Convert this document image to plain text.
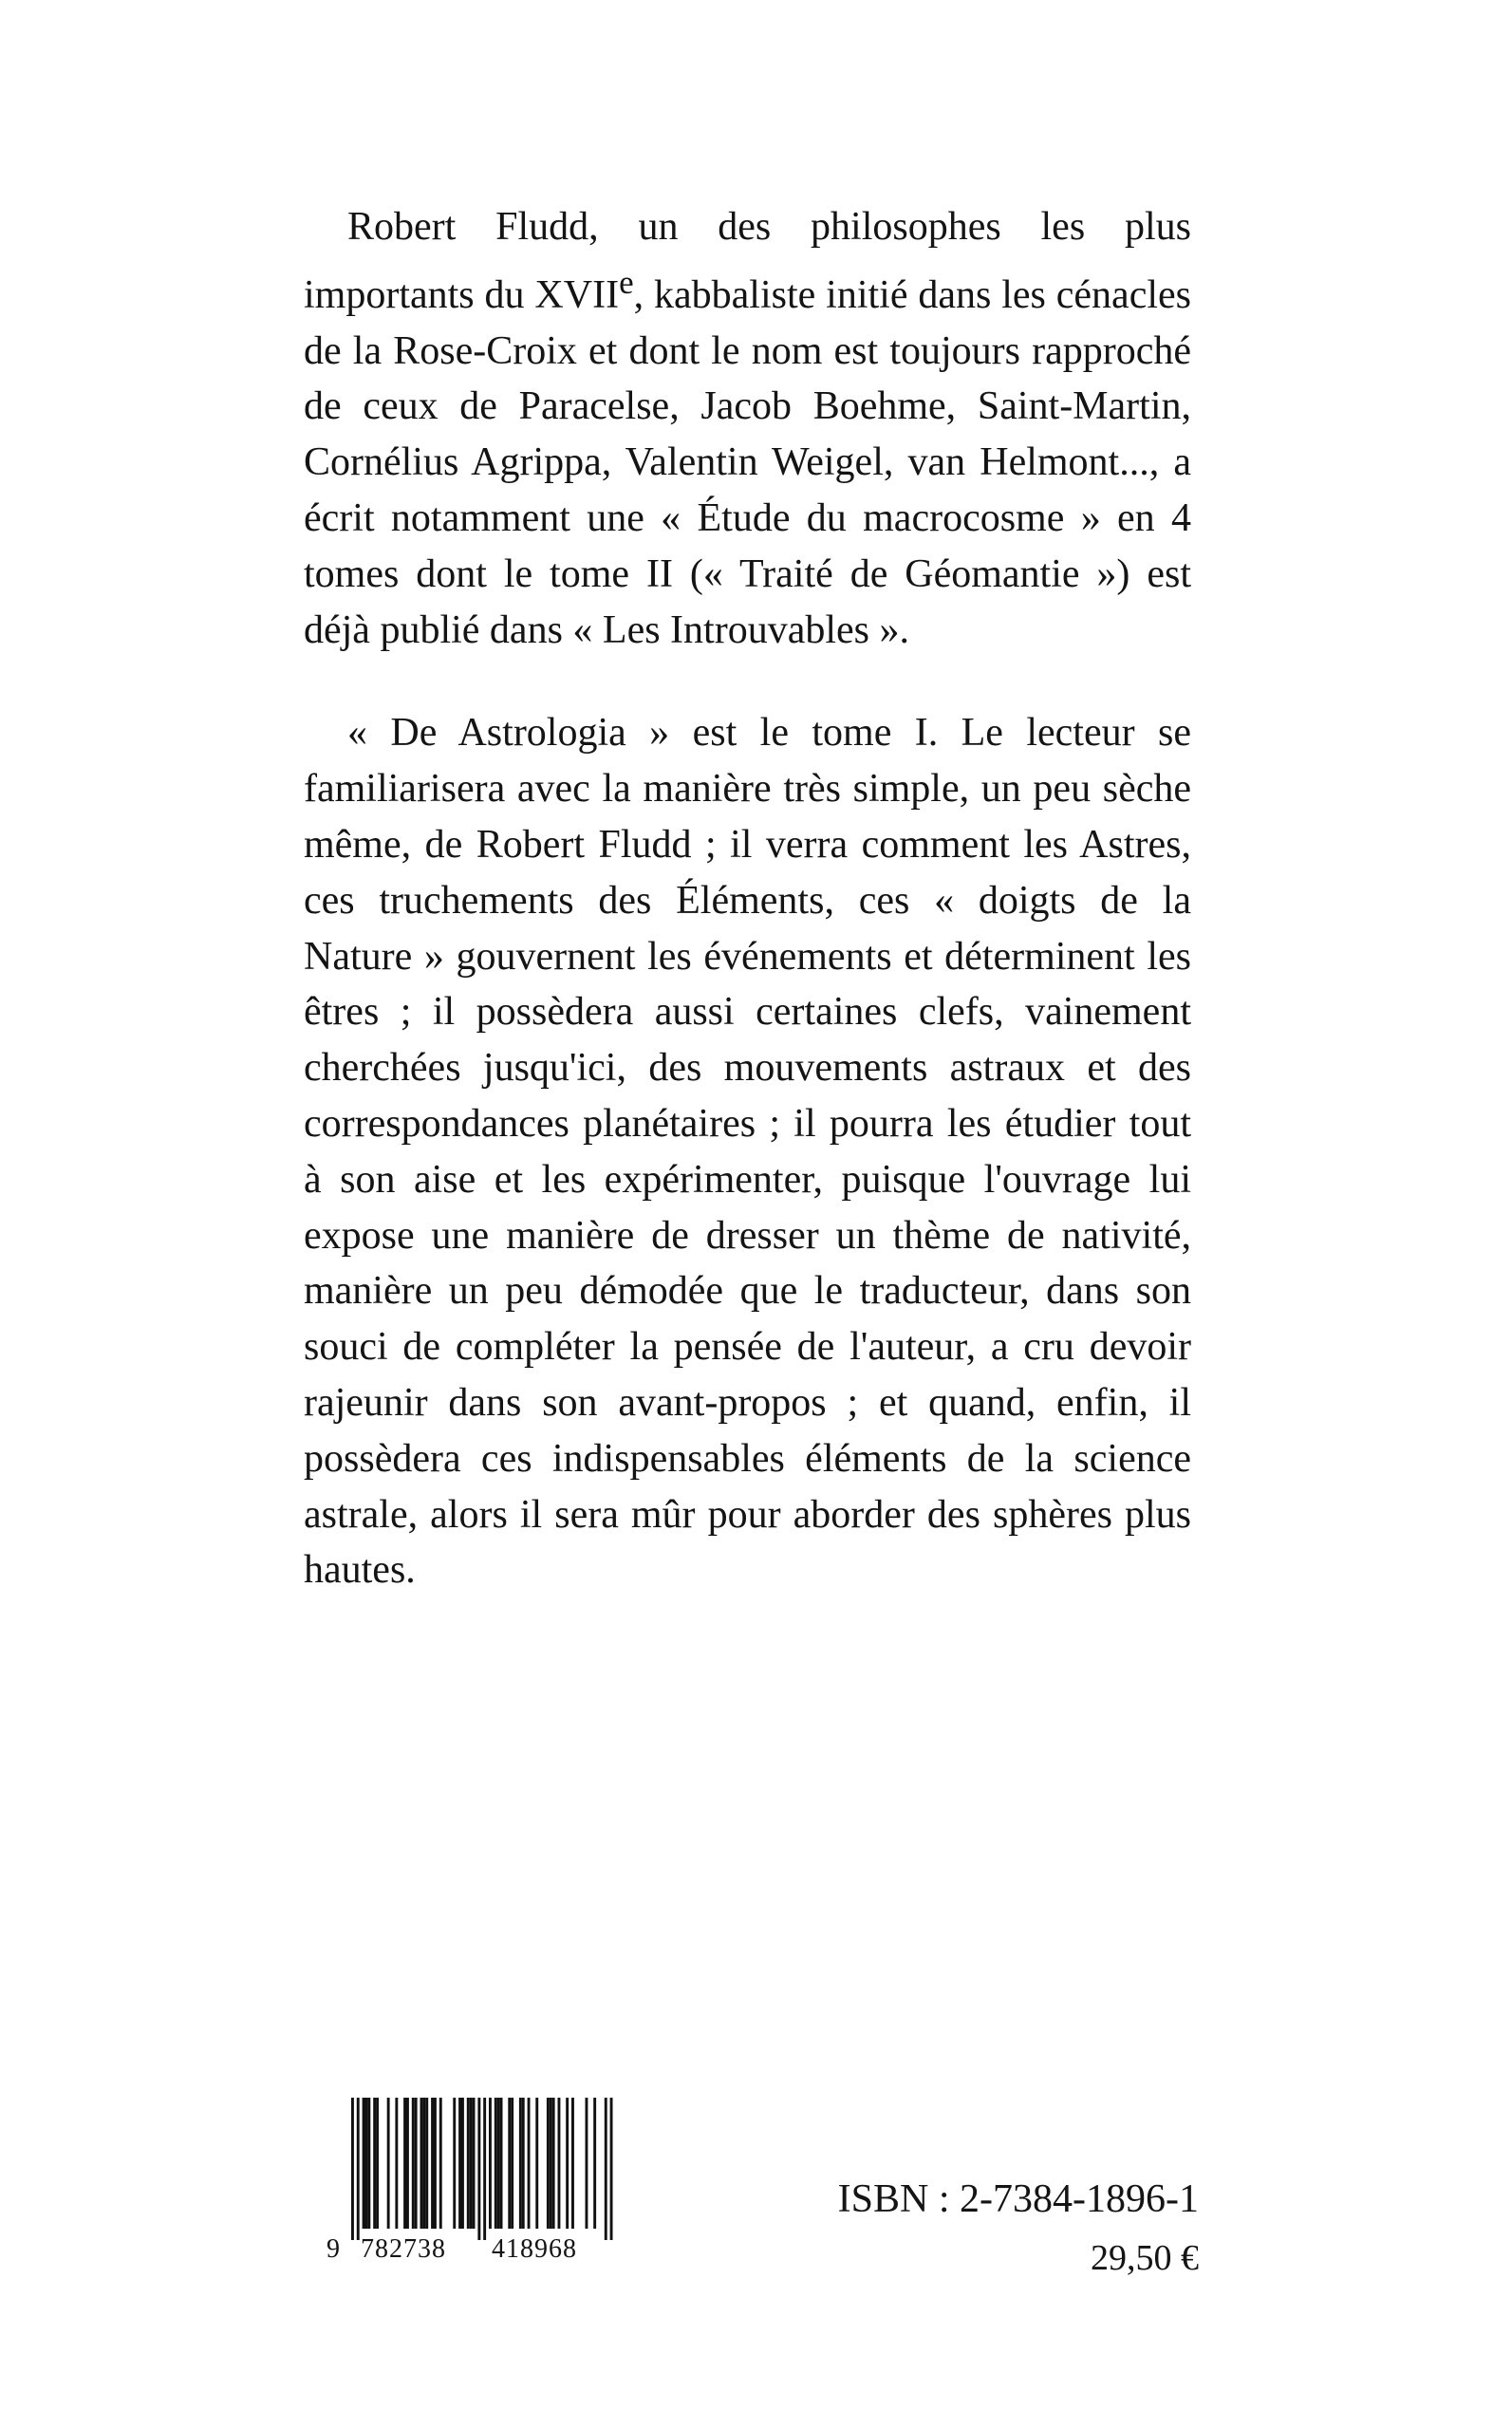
Robert Fludd, un des philosophes les plus importants du XVIIe, kabbaliste initié dans les cénacles de la Rose-Croix et dont le nom est toujours rapproché de ceux de Paracelse, Jacob Boehme, Saint-Martin, Cornélius Agrippa, Valentin Weigel, van Helmont..., a écrit notamment une « Étude du macrocosme » en 4 tomes dont le tome II (« Traité de Géomantie ») est déjà publié dans « Les Introuvables ».

« De Astrologia » est le tome I. Le lecteur se familiarisera avec la manière très simple, un peu sèche même, de Robert Fludd ; il verra comment les Astres, ces truchements des Éléments, ces « doigts de la Nature » gouvernent les événements et déterminent les êtres ; il possèdera aussi certaines clefs, vainement cherchées jusqu'ici, des mouvements astraux et des correspondances planétaires ; il pourra les étudier tout à son aise et les expérimenter, puisque l'ouvrage lui expose une manière de dresser un thème de nativité, manière un peu démodée que le traducteur, dans son souci de compléter la pensée de l'auteur, a cru devoir rajeunir dans son avant-propos ; et quand, enfin, il possèdera ces indispensables éléments de la science astrale, alors il sera mûr pour aborder des sphères plus hautes.

9 782738 418968
ISBN : 2-7384-1896-1
29,50 €
